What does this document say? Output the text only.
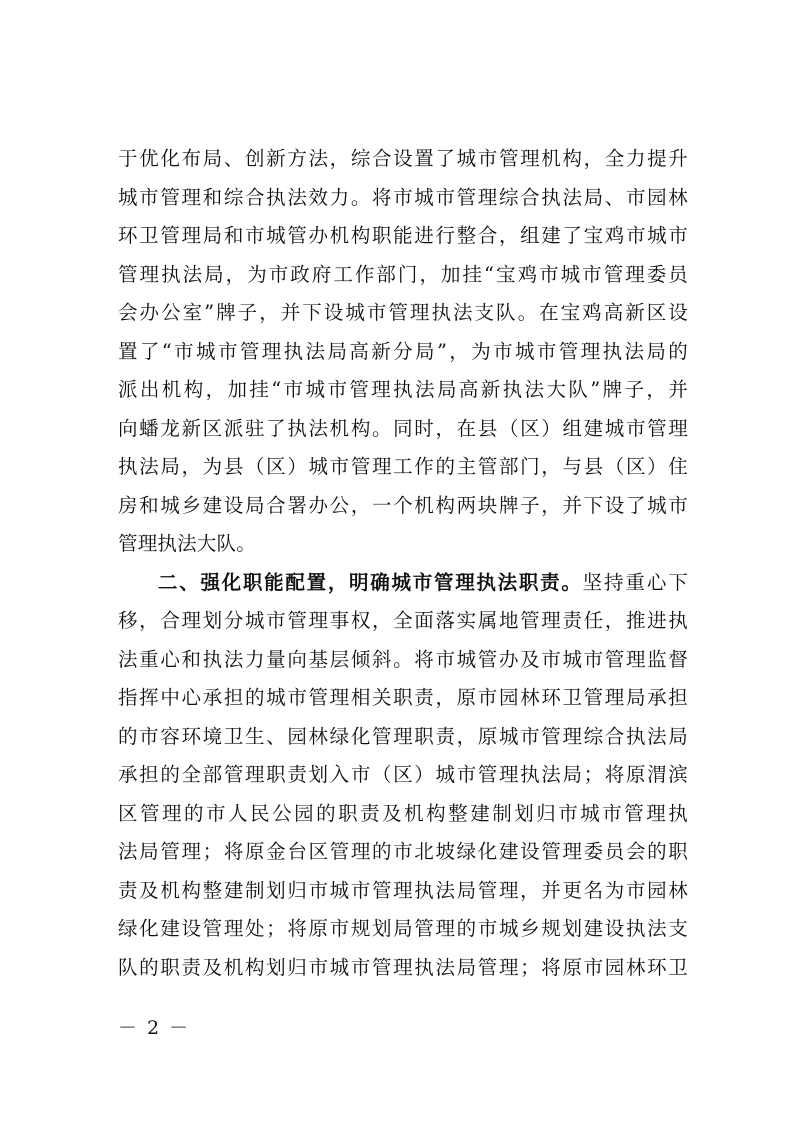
于优化布局、创新方法，综合设置了城市管理机构，全力提升
城市管理和综合执法效力。将市城市管理综合执法局、市园林
环卫管理局和市城管办机构职能进行整合，组建了宝鸡市城市
管理执法局，为市政府工作部门，加挂“宝鸡市城市管理委员
会办公室”牌子，并下设城市管理执法支队。在宝鸡高新区设
置了“市城市管理执法局高新分局”，为市城市管理执法局的
派出机构，加挂“市城市管理执法局高新执法大队”牌子，并
向蟠龙新区派驻了执法机构。同时，在县（区）组建城市管理
执法局，为县（区）城市管理工作的主管部门，与县（区）住
房和城乡建设局合署办公，一个机构两块牌子，并下设了城市
管理执法大队。
二、强化职能配置，明确城市管理执法职责。坚持重心下
移，合理划分城市管理事权，全面落实属地管理责任，推进执
法重心和执法力量向基层倾斜。将市城管办及市城市管理监督
指挥中心承担的城市管理相关职责，原市园林环卫管理局承担
的市容环境卫生、园林绿化管理职责，原城市管理综合执法局
承担的全部管理职责划入市（区）城市管理执法局；将原渭滨
区管理的市人民公园的职责及机构整建制划归市城市管理执
法局管理；将原金台区管理的市北坡绿化建设管理委员会的职
责及机构整建制划归市城市管理执法局管理，并更名为市园林
绿化建设管理处；将原市规划局管理的市城乡规划建设执法支
队的职责及机构划归市城市管理执法局管理；将原市园林环卫
－ 2 －
